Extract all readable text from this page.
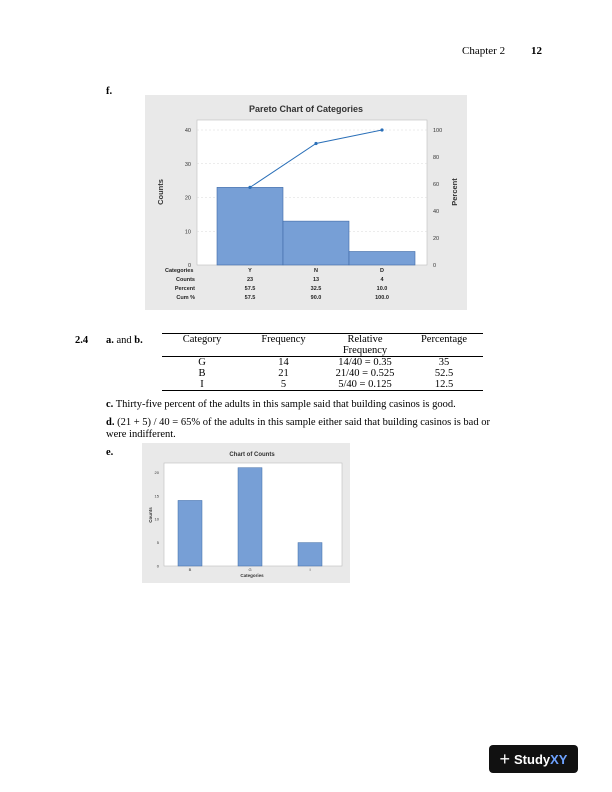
Chapter 2 12
f.
Pareto Chart of Categories
Counts	Percent
0
10
20
30
40
0
20
40
60
80
100
Categories	Y	N	D
Counts	23	13	4
Percent	57.5	32.5	10.0
Cum %	57.5	90.0	100.0
2.4 a. and b.	Category	Frequency	Relative Frequency	Percentage
G	14	14/40 = 0.35	35
B	21	21/40 = 0.525	52.5
I	5	5/40 = 0.125	12.5
c. Thirty-five percent of the adults in this sample said that building casinos is good.
d. (21 + 5) / 40 = 65% of the adults in this sample either said that building casinos is bad or were indifferent.
e.	Chart of Counts
Counts
Categories
0
5
10
15
20
B	G	I
+ Study XY
